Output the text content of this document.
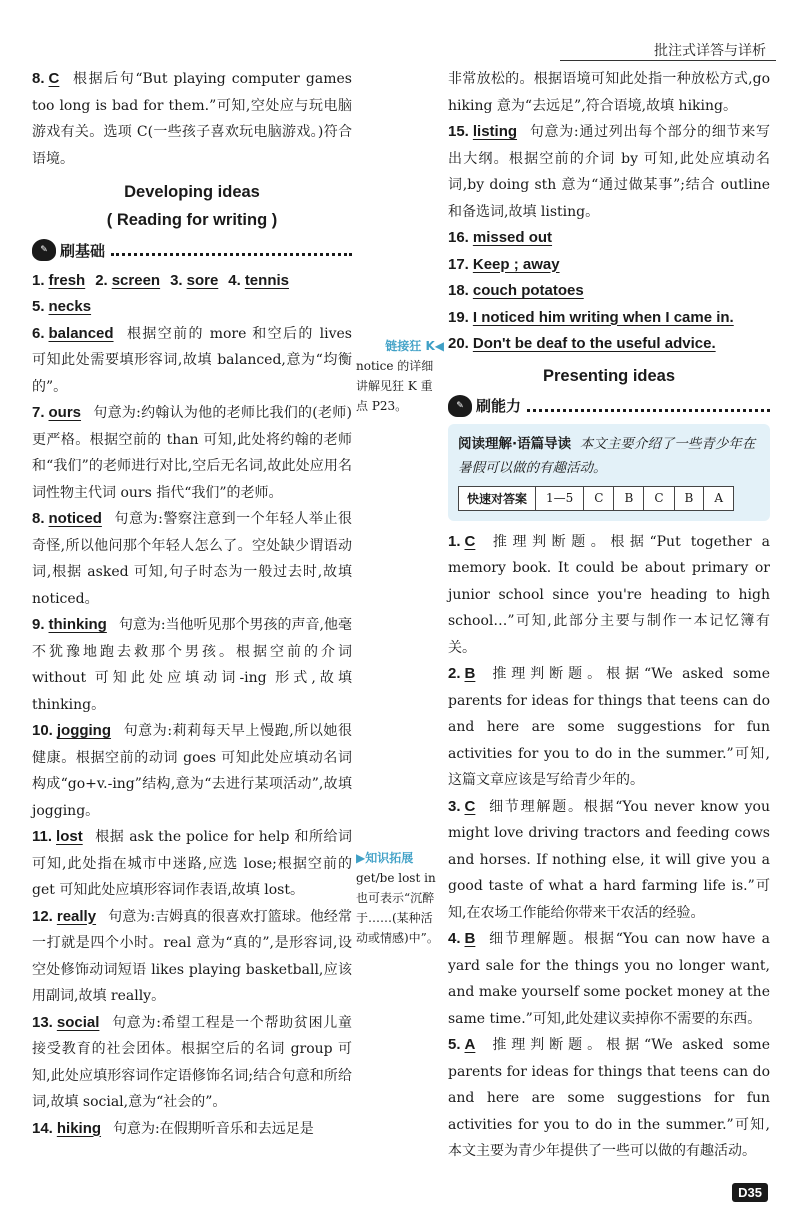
批注式详答与详析

8. C 根据后句“But playing computer games too long is bad for them.”可知,空处应与玩电脑游戏有关。选项 C(一些孩子喜欢玩电脑游戏。)符合语境。

Developing ideas

( Reading for writing )

✎ 刷基础
1. fresh 2. screen 3. sore 4. tennis

5. necks

6. balanced 根据空前的 more 和空后的 lives 可知此处需要填形容词,故填 balanced,意为“均衡的”。

7. ours 句意为:约翰认为他的老师比我们的(老师)更严格。根据空前的 than 可知,此处将约翰的老师和“我们”的老师进行对比,空后无名词,故此处应用名词性物主代词 ours 指代“我们”的老师。

8. noticed 句意为:警察注意到一个年轻人举止很奇怪,所以他问那个年轻人怎么了。空处缺少谓语动词,根据 asked 可知,句子时态为一般过去时,故填 noticed。

9. thinking 句意为:当他听见那个男孩的声音,他毫不犹豫地跑去救那个男孩。根据空前的介词 without 可知此处应填动词-ing 形式,故填 thinking。

10. jogging 句意为:莉莉每天早上慢跑,所以她很健康。根据空前的动词 goes 可知此处应填动名词构成“go+v.-ing”结构,意为“去进行某项活动”,故填 jogging。

11. lost 根据 ask the police for help 和所给词可知,此处指在城市中迷路,应选 lose;根据空前的 get 可知此处应填形容词作表语,故填 lost。

12. really 句意为:吉姆真的很喜欢打篮球。他经常一打就是四个小时。real 意为“真的”,是形容词,设空处修饰动词短语 likes playing basketball,应该用副词,故填 really。

13. social 句意为:希望工程是一个帮助贫困儿童接受教育的社会团体。根据空后的名词 group 可知,此处应填形容词作定语修饰名词;结合句意和所给词,故填 social,意为“社会的”。

14. hiking 句意为:在假期听音乐和去远足是

链接狂 K◀
notice 的详细讲解见狂 K 重点 P23。
▶知识拓展
get/be lost in 也可表示“沉醉于……(某种活动或情感)中”。

非常放松的。根据语境可知此处指一种放松方式,go hiking 意为“去远足”,符合语境,故填 hiking。

15. listing 句意为:通过列出每个部分的细节来写出大纲。根据空前的介词 by 可知,此处应填动名词,by doing sth 意为“通过做某事”;结合 outline 和备选词,故填 listing。

16. missed out

17. Keep ; away

18. couch potatoes

19. I noticed him writing when I came in.

20. Don't be deaf to the useful advice.

Presenting ideas

✎ 刷能力

阅读理解·语篇导读 本文主要介绍了一些青少年在暑假可以做的有趣活动。

快速对答案	1—5	C	B	C	B	A

1. C 推理判断题。根据“Put together a memory book. It could be about primary or junior school since you're heading to high school…”可知,此部分主要与制作一本记忆簿有关。

2. B 推理判断题。根据“We asked some parents for ideas for things that teens can do and here are some suggestions for fun activities for you to do in the summer.”可知,这篇文章应该是写给青少年的。

3. C 细节理解题。根据“You never know you might love driving tractors and feeding cows and horses. If nothing else, it will give you a good taste of what a hard farming life is.”可知,在农场工作能给你带来干农活的经验。

4. B 细节理解题。根据“You can now have a yard sale for the things you no longer want, and make yourself some pocket money at the same time.”可知,此处建议卖掉你不需要的东西。

5. A 推理判断题。根据“We asked some parents for ideas for things that teens can do and here are some suggestions for fun activities for you to do in the summer.”可知,本文主要为青少年提供了一些可以做的有趣活动。

D35
